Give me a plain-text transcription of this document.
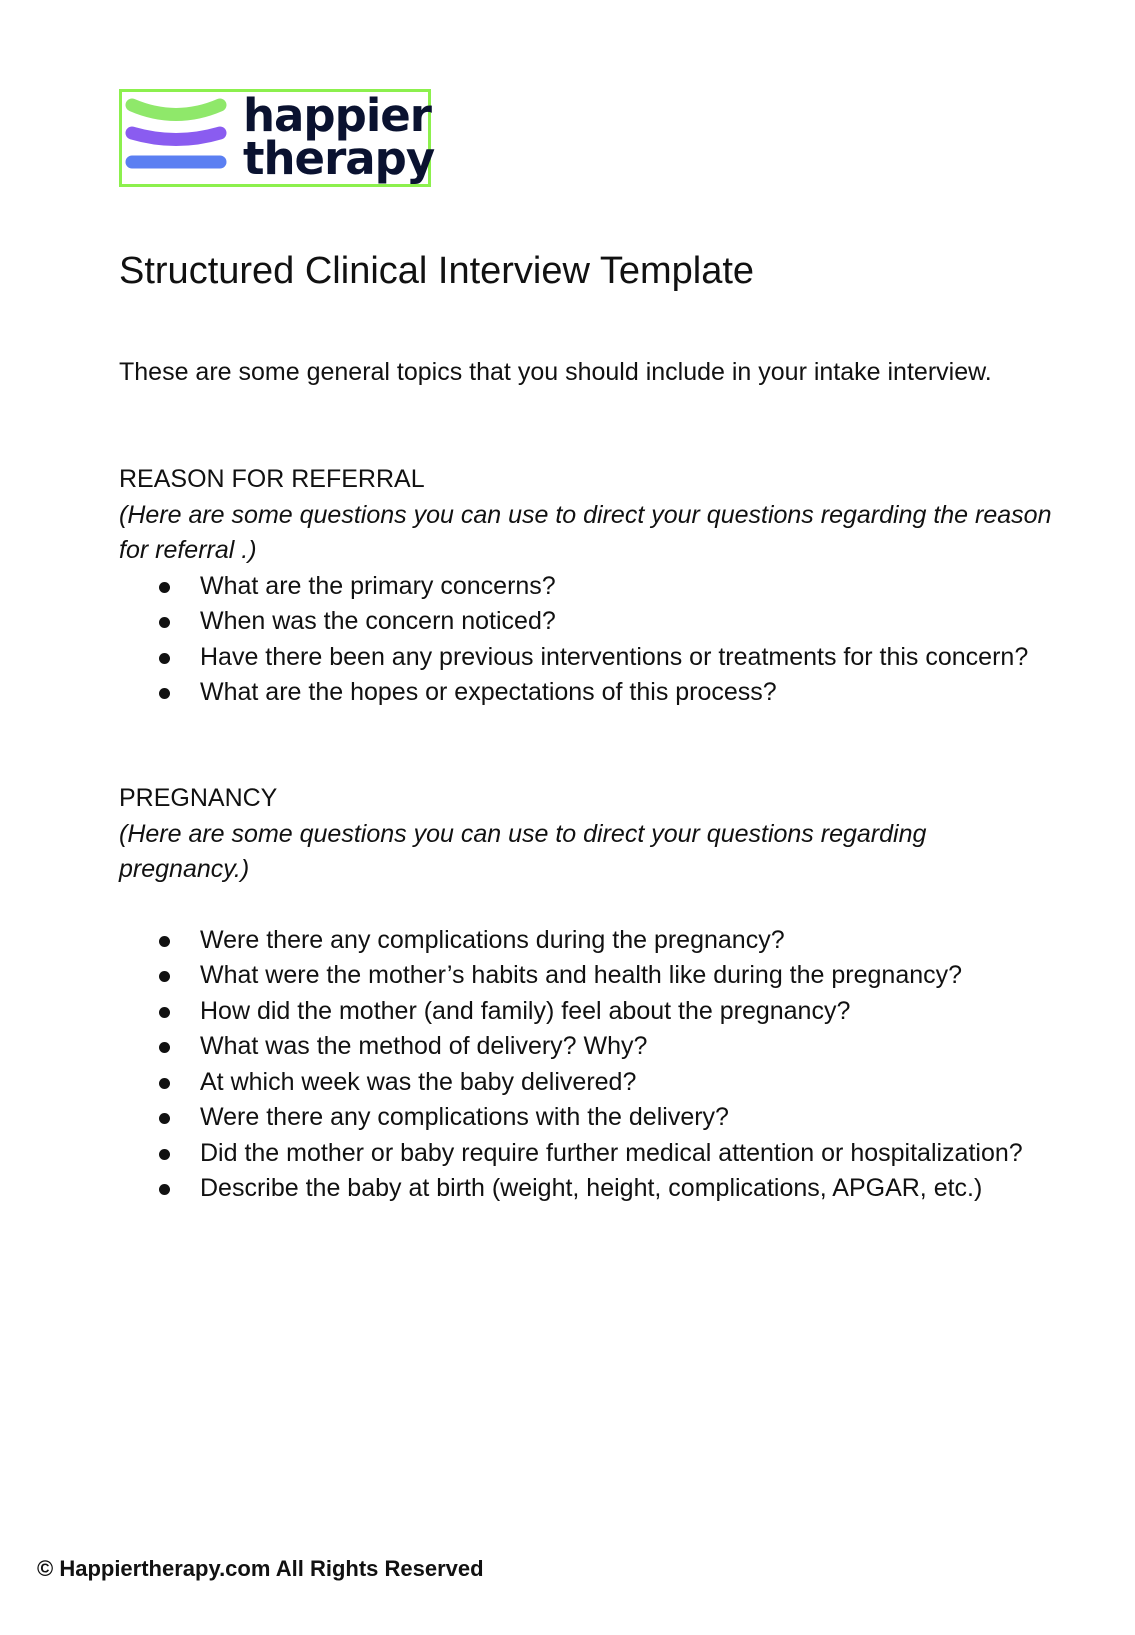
happier
therapy
Structured Clinical Interview Template

These are some general topics that you should include in your intake interview.

REASON FOR REFERRAL

(Here are some questions you can use to direct your questions regarding the reason for referral .)

What are the primary concerns?
When was the concern noticed?
Have there been any previous interventions or treatments for this concern?
What are the hopes or expectations of this process?
PREGNANCY

(Here are some questions you can use to direct your questions regarding pregnancy.)

Were there any complications during the pregnancy?
What were the mother’s habits and health like during the pregnancy?
How did the mother (and family) feel about the pregnancy?
What was the method of delivery? Why?
At which week was the baby delivered?
Were there any complications with the delivery?
Did the mother or baby require further medical attention or hospitalization?
Describe the baby at birth (weight, height, complications, APGAR, etc.)

© Happiertherapy.com All Rights Reserved
